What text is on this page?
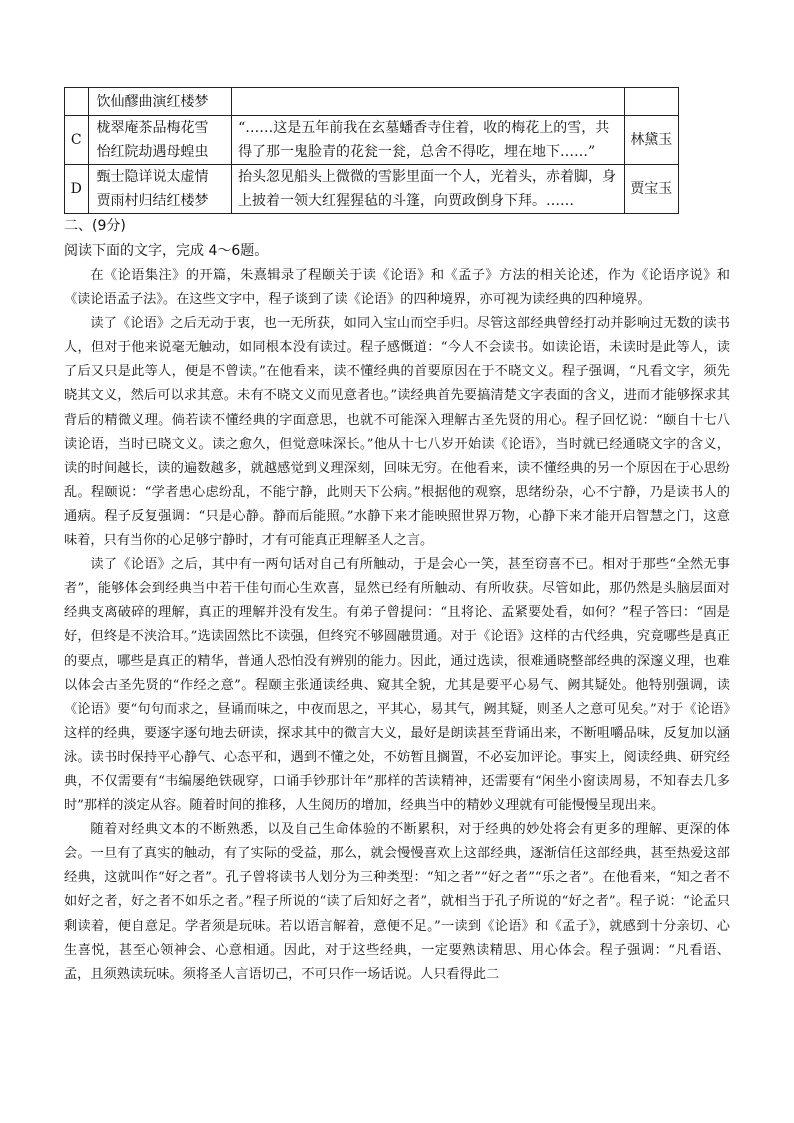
	饮仙醪曲演红楼梦		
C	栊翠庵茶品梅花雪
怡红院劫遇母蝗虫	“……这是五年前我在玄墓蟠香寺住着，收的梅花上的雪，共得了那一鬼脸青的花瓮一瓮，总舍不得吃，埋在地下……”	林黛玉
D	甄士隐详说太虚情
贾雨村归结红楼梦	抬头忽见船头上微微的雪影里面一个人，光着头，赤着脚，身上披着一领大红猩猩毡的斗篷，向贾政倒身下拜。……	贾宝玉
二、(9分)
阅读下面的文字，完成 4～6题。

在《论语集注》的开篇，朱熹辑录了程颐关于读《论语》和《孟子》方法的相关论述，作为《论语序说》和《读论语孟子法》。在这些文字中，程子谈到了读《论语》的四种境界，亦可视为读经典的四种境界。

读了《论语》之后无动于衷，也一无所获，如同入宝山而空手归。尽管这部经典曾经打动并影响过无数的读书人，但对于他来说毫无触动，如同根本没有读过。程子感慨道：“今人不会读书。如读论语，未读时是此等人，读了后又只是此等人，便是不曾读。”在他看来，读不懂经典的首要原因在于不晓文义。程子强调，“凡看文字，须先晓其文义，然后可以求其意。未有不晓文义而见意者也。”读经典首先要搞清楚文字表面的含义，进而才能够探求其背后的精微义理。倘若读不懂经典的字面意思，也就不可能深入理解古圣先贤的用心。程子回忆说：“颐自十七八读论语，当时已晓文义。读之愈久，但觉意味深长。”他从十七八岁开始读《论语》，当时就已经通晓文字的含义，读的时间越长，读的遍数越多，就越感觉到义理深刻，回味无穷。在他看来，读不懂经典的另一个原因在于心思纷乱。程颐说：“学者患心虑纷乱，不能宁静，此则天下公病。”根据他的观察，思绪纷杂，心不宁静，乃是读书人的通病。程子反复强调：“只是心静。静而后能照。”水静下来才能映照世界万物，心静下来才能开启智慧之门，这意味着，只有当你的心足够宁静时，才有可能真正理解圣人之言。

读了《论语》之后，其中有一两句话对自己有所触动，于是会心一笑，甚至窃喜不已。相对于那些“全然无事者”，能够体会到经典当中若干佳句而心生欢喜，显然已经有所触动、有所收获。尽管如此，那仍然是头脑层面对经典支离破碎的理解，真正的理解并没有发生。有弟子曾提问：“且将论、孟紧要处看，如何？”程子答曰：“固是好，但终是不浃洽耳。”选读固然比不读强，但终究不够圆融贯通。对于《论语》这样的古代经典，究竟哪些是真正的要点，哪些是真正的精华，普通人恐怕没有辨别的能力。因此，通过选读，很难通晓整部经典的深邃义理，也难以体会古圣先贤的“作经之意”。程颐主张通读经典、窥其全貌，尤其是要平心易气、阙其疑处。他特别强调，读《论语》要“句句而求之，昼诵而味之，中夜而思之，平其心，易其气，阙其疑，则圣人之意可见矣。”对于《论语》这样的经典，要逐字逐句地去研读，探求其中的微言大义，最好是朗读甚至背诵出来，不断咀嚼品味，反复加以涵泳。读书时保持平心静气、心态平和，遇到不懂之处，不妨暂且搁置，不必妄加评论。事实上，阅读经典、研究经典，不仅需要有“韦编屡绝铁砚穿，口诵手钞那计年”那样的苦读精神，还需要有“闲坐小窗读周易，不知春去几多时”那样的淡定从容。随着时间的推移，人生阅历的增加，经典当中的精妙义理就有可能慢慢呈现出来。

随着对经典文本的不断熟悉，以及自己生命体验的不断累积，对于经典的妙处将会有更多的理解、更深的体会。一旦有了真实的触动，有了实际的受益，那么，就会慢慢喜欢上这部经典，逐渐信任这部经典，甚至热爱这部经典，这就叫作“好之者”。孔子曾将读书人划分为三种类型：“知之者”“好之者”“乐之者”。在他看来，“知之者不如好之者，好之者不如乐之者。”程子所说的“读了后知好之者”，就相当于孔子所说的“好之者”。程子说：“论孟只剩读着，便自意足。学者须是玩味。若以语言解着，意便不足。”一读到《论语》和《孟子》，就感到十分亲切、心生喜悦，甚至心领神会、心意相通。因此，对于这些经典，一定要熟读精思、用心体会。程子强调：“凡看语、孟，且须熟读玩味。须将圣人言语切己，不可只作一场话说。人只看得此二
